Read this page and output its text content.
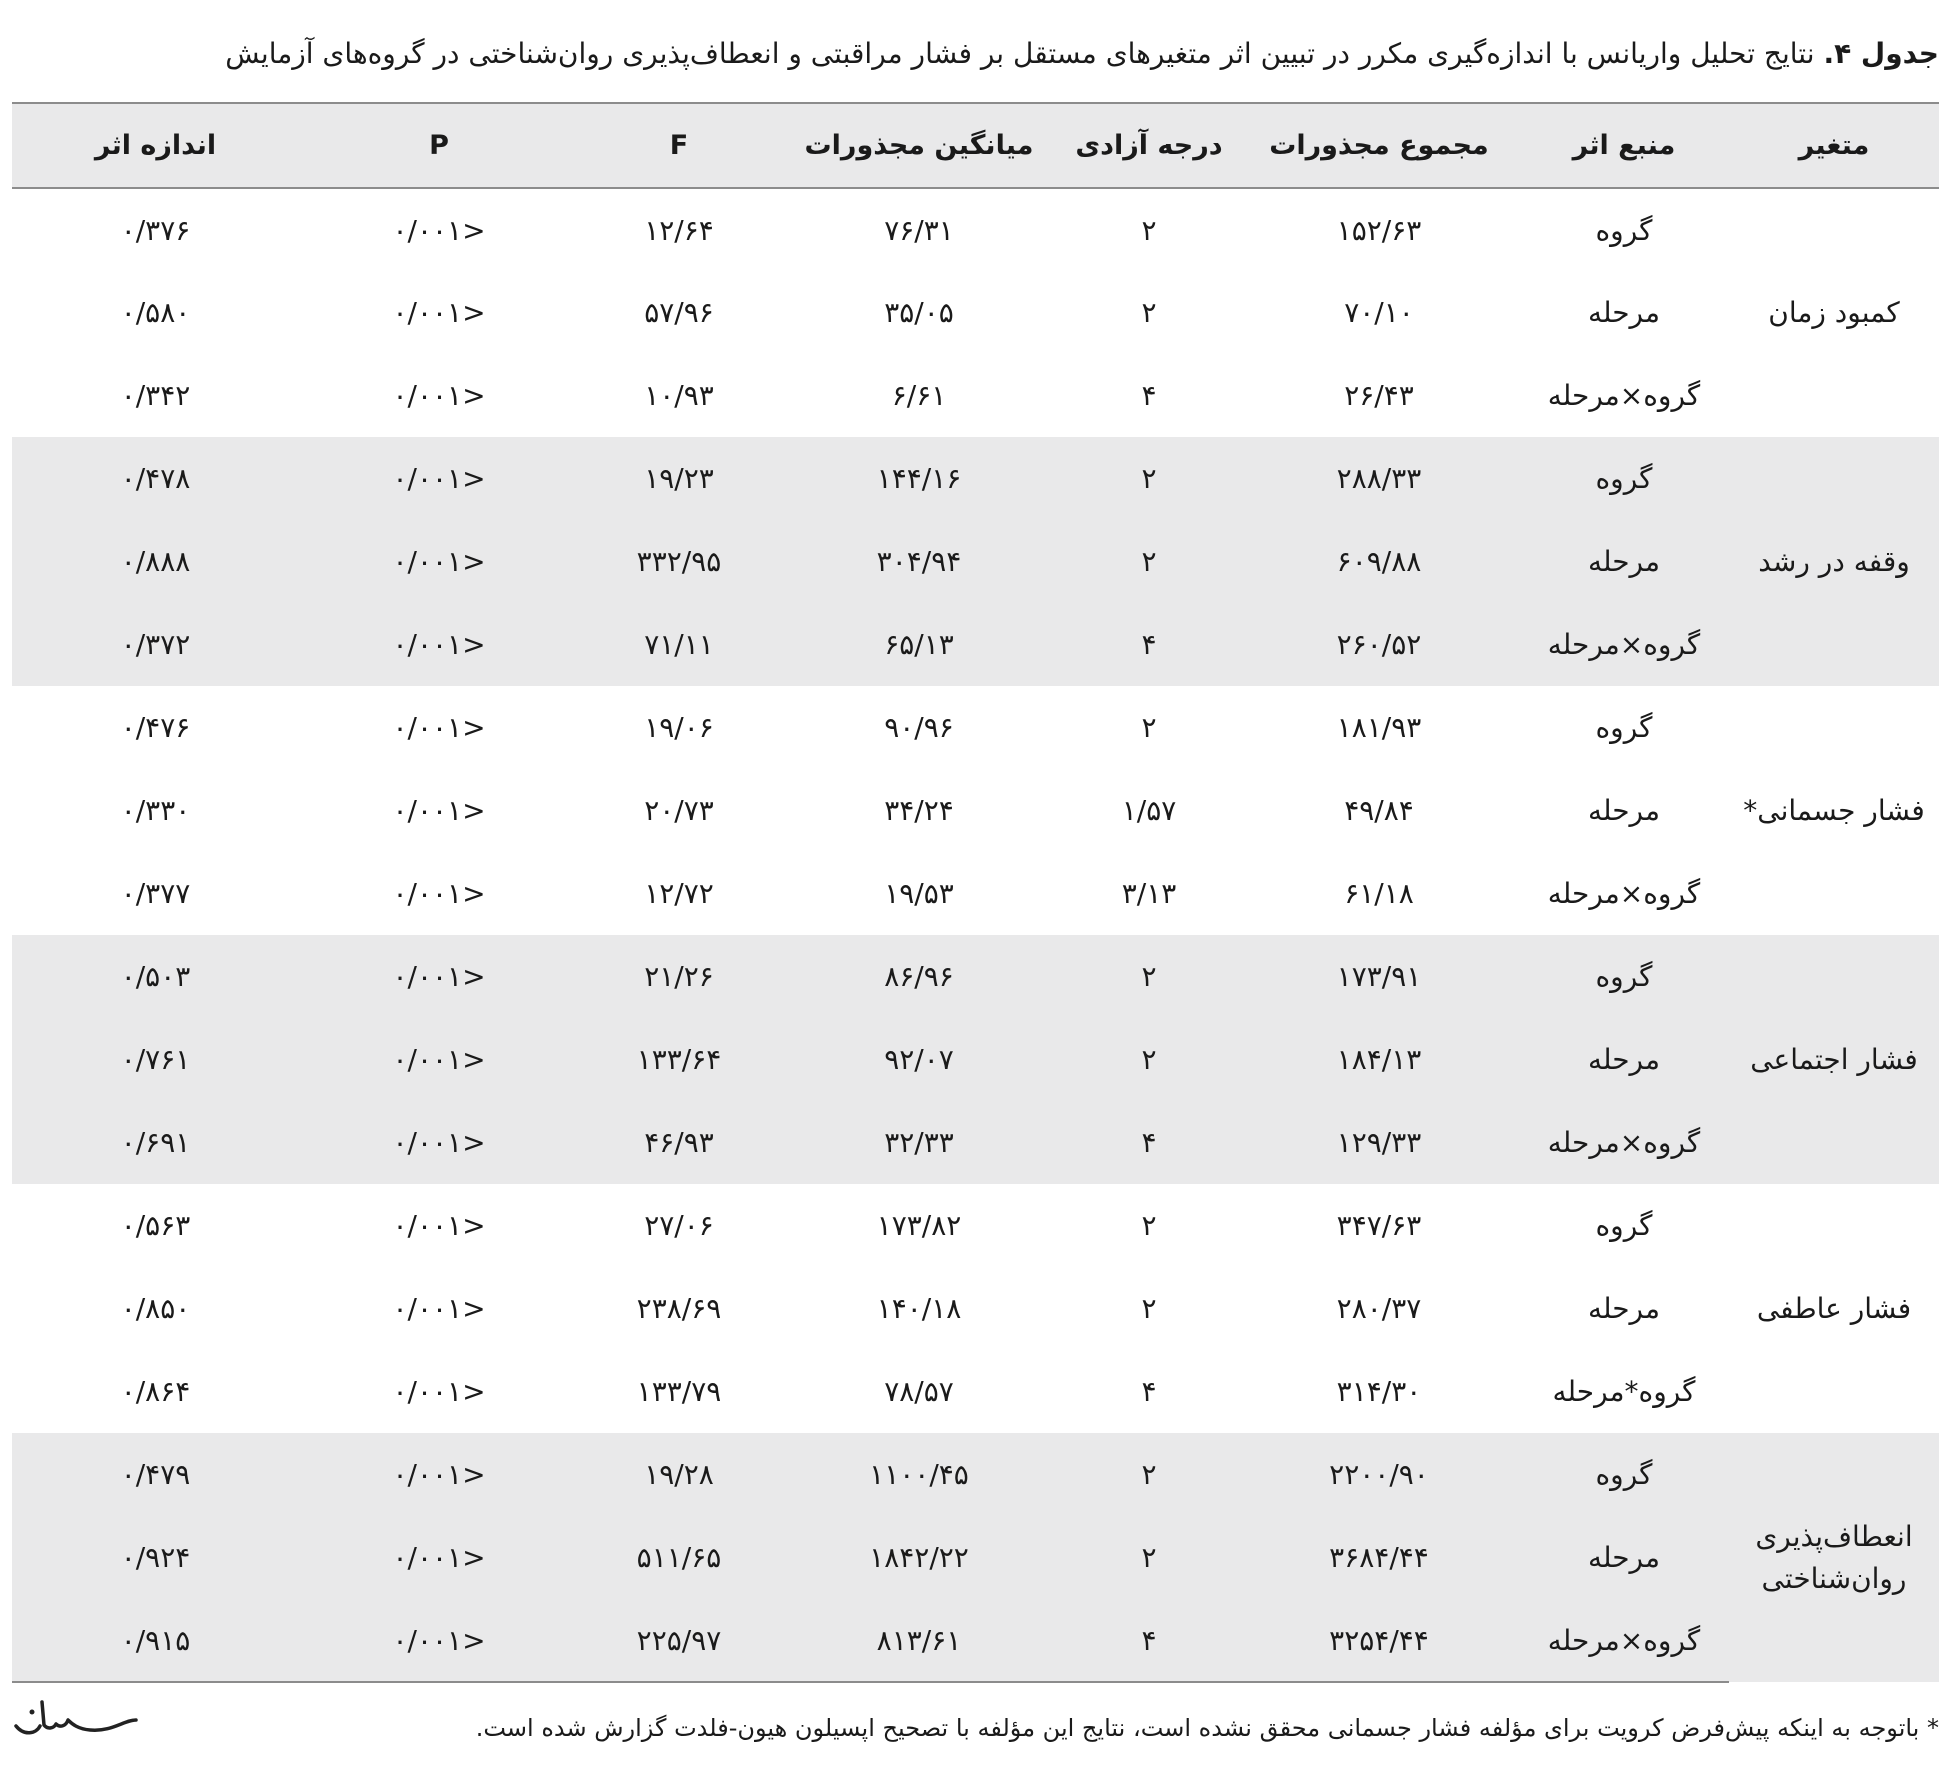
جدول ۴. نتایج تحلیل واریانس با اندازه‌گیری مکرر در تبیین اثر متغیرهای مستقل بر فشار مراقبتی و انعطاف‌پذیری روان‌شناختی در گروه‌های آزمایش
متغیر	منبع اثر	مجموع مجذورات	درجه آزادی	میانگین مجذورات	F	P	اندازه اثر
کمبود زمان	گروه	۱۵۲/۶۳	۲	۷۶/۳۱	۱۲/۶۴	<۰/۰۰۱	۰/۳۷۶
	مرحله	۷۰/۱۰	۲	۳۵/۰۵	۵۷/۹۶	<۰/۰۰۱	۰/۵۸۰
	گروه×مرحله	۲۶/۴۳	۴	۶/۶۱	۱۰/۹۳	<۰/۰۰۱	۰/۳۴۲
وقفه در رشد	گروه	۲۸۸/۳۳	۲	۱۴۴/۱۶	۱۹/۲۳	<۰/۰۰۱	۰/۴۷۸
	مرحله	۶۰۹/۸۸	۲	۳۰۴/۹۴	۳۳۲/۹۵	<۰/۰۰۱	۰/۸۸۸
	گروه×مرحله	۲۶۰/۵۲	۴	۶۵/۱۳	۷۱/۱۱	<۰/۰۰۱	۰/۳۷۲
فشار جسمانی*	گروه	۱۸۱/۹۳	۲	۹۰/۹۶	۱۹/۰۶	<۰/۰۰۱	۰/۴۷۶
	مرحله	۴۹/۸۴	۱/۵۷	۳۴/۲۴	۲۰/۷۳	<۰/۰۰۱	۰/۳۳۰
	گروه×مرحله	۶۱/۱۸	۳/۱۳	۱۹/۵۳	۱۲/۷۲	<۰/۰۰۱	۰/۳۷۷
فشار اجتماعی	گروه	۱۷۳/۹۱	۲	۸۶/۹۶	۲۱/۲۶	<۰/۰۰۱	۰/۵۰۳
	مرحله	۱۸۴/۱۳	۲	۹۲/۰۷	۱۳۳/۶۴	<۰/۰۰۱	۰/۷۶۱
	گروه×مرحله	۱۲۹/۳۳	۴	۳۲/۳۳	۴۶/۹۳	<۰/۰۰۱	۰/۶۹۱
فشار عاطفی	گروه	۳۴۷/۶۳	۲	۱۷۳/۸۲	۲۷/۰۶	<۰/۰۰۱	۰/۵۶۳
	مرحله	۲۸۰/۳۷	۲	۱۴۰/۱۸	۲۳۸/۶۹	<۰/۰۰۱	۰/۸۵۰
	گروه*مرحله	۳۱۴/۳۰	۴	۷۸/۵۷	۱۳۳/۷۹	<۰/۰۰۱	۰/۸۶۴
انعطاف‌پذیری روان‌شناختی	گروه	۲۲۰۰/۹۰	۲	۱۱۰۰/۴۵	۱۹/۲۸	<۰/۰۰۱	۰/۴۷۹
	مرحله	۳۶۸۴/۴۴	۲	۱۸۴۲/۲۲	۵۱۱/۶۵	<۰/۰۰۱	۰/۹۲۴
	گروه×مرحله	۳۲۵۴/۴۴	۴	۸۱۳/۶۱	۲۲۵/۹۷	<۰/۰۰۱	۰/۹۱۵
* باتوجه به اینکه پیش‌فرض کرویت برای مؤلفه فشار جسمانی محقق نشده است، نتایج این مؤلفه با تصحیح اپسیلون هیون-فلدت گزارش شده است.
